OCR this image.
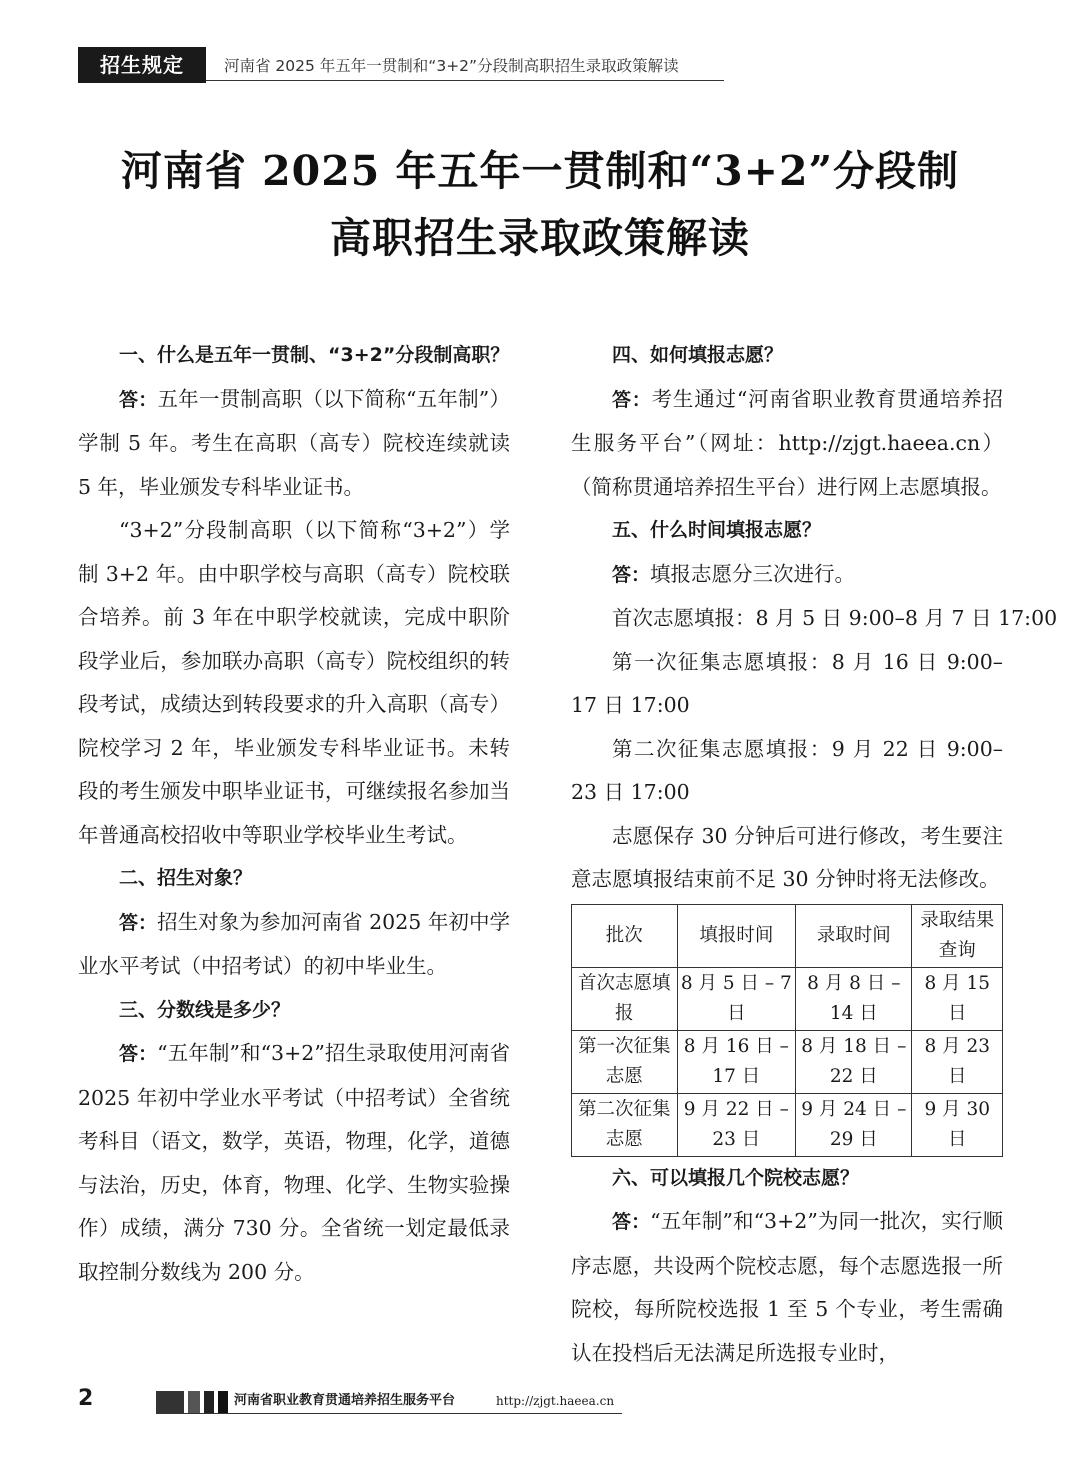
招生规定	河南省 2025 年五年一贯制和“3+2”分段制高职招生录取政策解读
河南省 2025 年五年一贯制和“3+2”分段制
高职招生录取政策解读

一、什么是五年一贯制、“3+2”分段制高职？

答：五年一贯制高职（以下简称“五年制”）学制 5 年。考生在高职（高专）院校连续就读 5 年，毕业颁发专科毕业证书。

“3+2”分段制高职（以下简称“3+2”）学制 3+2 年。由中职学校与高职（高专）院校联合培养。前 3 年在中职学校就读，完成中职阶段学业后，参加联办高职（高专）院校组织的转段考试，成绩达到转段要求的升入高职（高专）院校学习 2 年，毕业颁发专科毕业证书。未转段的考生颁发中职毕业证书，可继续报名参加当年普通高校招收中等职业学校毕业生考试。

二、招生对象？

答：招生对象为参加河南省 2025 年初中学业水平考试（中招考试）的初中毕业生。

三、分数线是多少？

答：“五年制”和“3+2”招生录取使用河南省 2025 年初中学业水平考试（中招考试）全省统考科目（语文，数学，英语，物理，化学，道德与法治，历史，体育，物理、化学、生物实验操作）成绩，满分 730 分。全省统一划定最低录取控制分数线为 200 分。

四、如何填报志愿？

答：考生通过“河南省职业教育贯通培养招生服务平台”（网址：http://zjgt.haeea.cn）（简称贯通培养招生平台）进行网上志愿填报。

五、什么时间填报志愿？

答：填报志愿分三次进行。

首次志愿填报：8 月 5 日 9:00–8 月 7 日 17:00

第一次征集志愿填报：8 月 16 日 9:00–17 日 17:00

第二次征集志愿填报：9 月 22 日 9:00–23 日 17:00

志愿保存 30 分钟后可进行修改，考生要注意志愿填报结束前不足 30 分钟时将无法修改。

批次	填报时间	录取时间	录取结果查询
首次志愿填报	8 月 5 日 – 7 日	8 月 8 日 – 14 日	8 月 15 日
第一次征集志愿	8 月 16 日 – 17 日	8 月 18 日 – 22 日	8 月 23 日
第二次征集志愿	9 月 22 日 – 23 日	9 月 24 日 – 29 日	9 月 30 日

六、可以填报几个院校志愿？

答：“五年制”和“3+2”为同一批次，实行顺序志愿，共设两个院校志愿，每个志愿选报一所院校，每所院校选报 1 至 5 个专业，考生需确认在投档后无法满足所选报专业时，

2	河南省职业教育贯通培养招生服务平台	http://zjgt.haeea.cn
